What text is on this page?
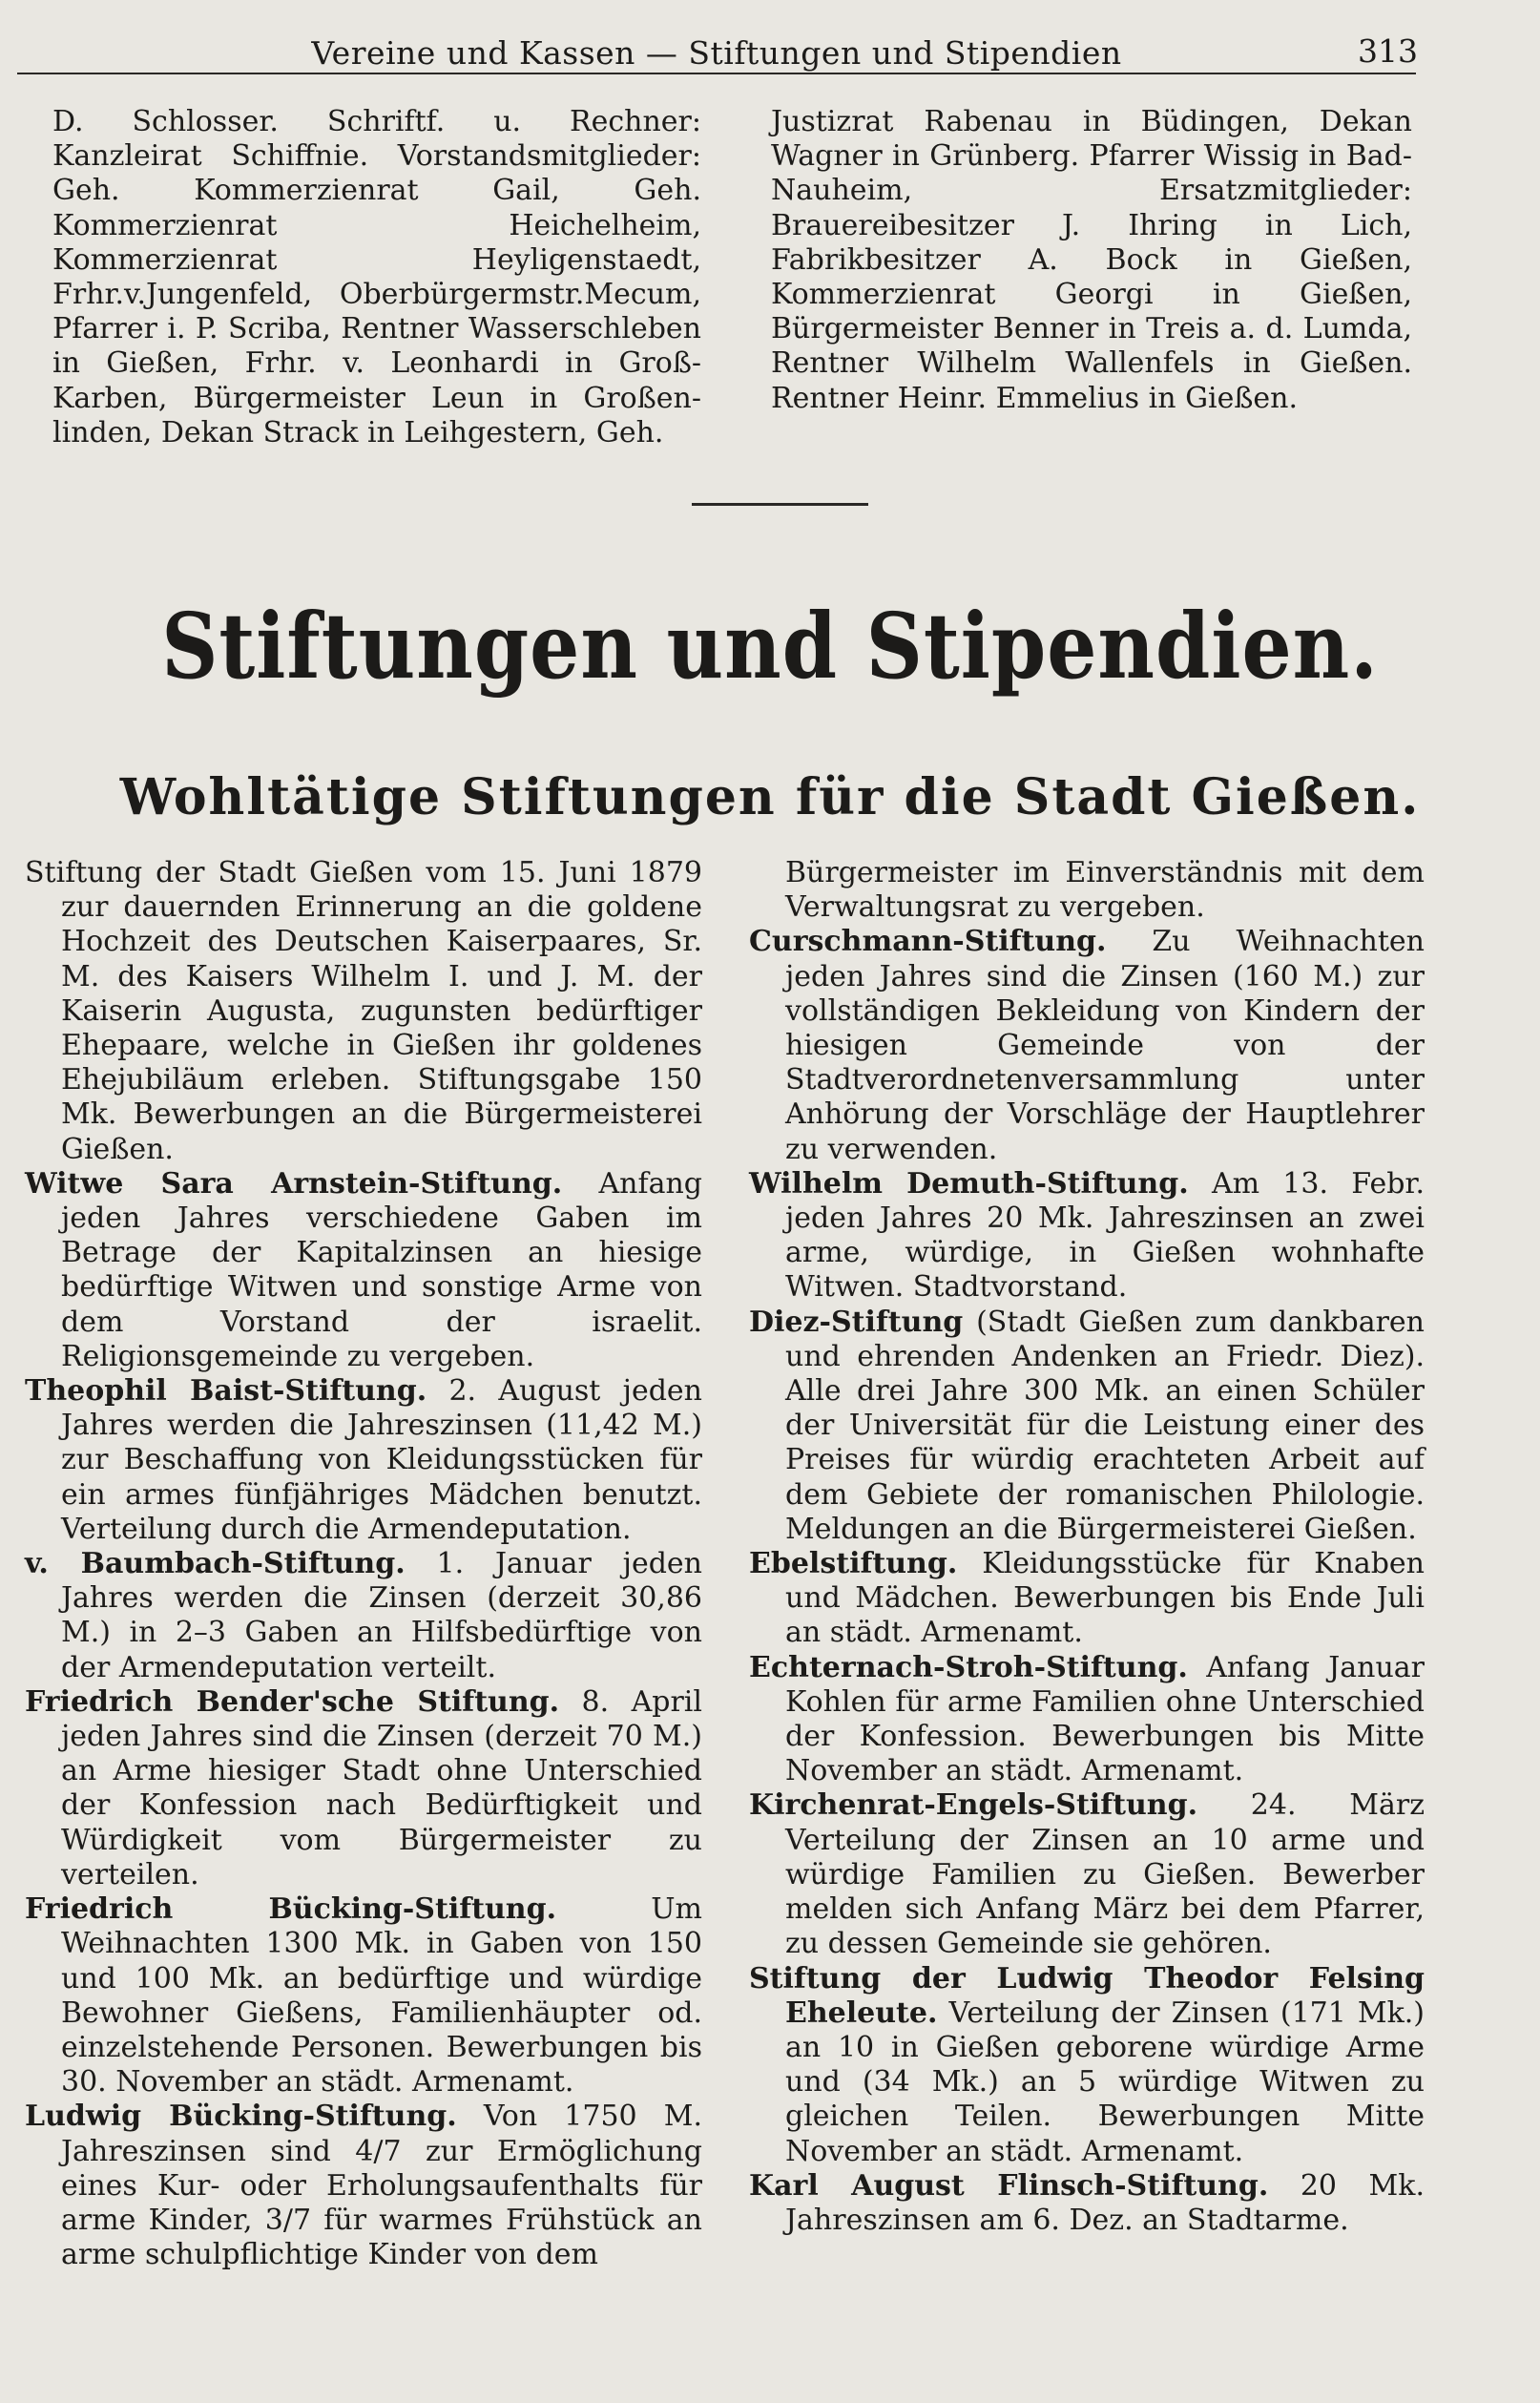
Vereine und Kassen — Stiftungen und Stipendien	313

D. Schlosser. Schriftf. u. Rechner: Kanzleirat Schiffnie. Vorstandsmitglieder: Geh. Kommerzienrat Gail, Geh. Kommerzienrat Heichelheim, Kommerzienrat Heyligenstaedt, Frhr.v.Jungenfeld, Oberbürgermstr.Mecum, Pfarrer i. P. Scriba, Rentner Wasserschleben in Gießen, Frhr. v. Leonhardi in Groß-Karben, Bürgermeister Leun in Großen-linden, Dekan Strack in Leihgestern, Geh.

Justizrat Rabenau in Büdingen, Dekan Wagner in Grünberg. Pfarrer Wissig in Bad-Nauheim, Ersatzmitglieder: Brauereibesitzer J. Ihring in Lich, Fabrikbesitzer A. Bock in Gießen, Kommerzienrat Georgi in Gießen, Bürgermeister Benner in Treis a. d. Lumda, Rentner Wilhelm Wallenfels in Gießen. Rentner Heinr. Emmelius in Gießen.

Stiftungen und Stipendien.
Wohltätige Stiftungen für die Stadt Gießen.

Stiftung der Stadt Gießen vom 15. Juni 1879 zur dauernden Erinnerung an die goldene Hochzeit des Deutschen Kaiserpaares, Sr. M. des Kaisers Wilhelm I. und J. M. der Kaiserin Augusta, zugunsten bedürftiger Ehepaare, welche in Gießen ihr goldenes Ehejubiläum erleben. Stiftungsgabe 150 Mk. Bewerbungen an die Bürgermeisterei Gießen.

Witwe Sara Arnstein-Stiftung. Anfang jeden Jahres verschiedene Gaben im Betrage der Kapitalzinsen an hiesige bedürftige Witwen und sonstige Arme von dem Vorstand der israelit. Religionsgemeinde zu vergeben.

Theophil Baist-Stiftung. 2. August jeden Jahres werden die Jahreszinsen (11,42 M.) zur Beschaffung von Kleidungsstücken für ein armes fünfjähriges Mädchen benutzt. Verteilung durch die Armendeputation.

v. Baumbach-Stiftung. 1. Januar jeden Jahres werden die Zinsen (derzeit 30,86 M.) in 2–3 Gaben an Hilfsbedürftige von der Armendeputation verteilt.

Friedrich Bender'sche Stiftung. 8. April jeden Jahres sind die Zinsen (derzeit 70 M.) an Arme hiesiger Stadt ohne Unterschied der Konfession nach Bedürftigkeit und Würdigkeit vom Bürgermeister zu verteilen.

Friedrich Bücking-Stiftung.	Um Weihnachten 1300 Mk. in Gaben von 150 und 100 Mk. an bedürftige und würdige Bewohner Gießens, Familienhäupter od. einzelstehende Personen. Bewerbungen bis 30. November an städt. Armenamt.

Ludwig Bücking-Stiftung. Von 1750 M. Jahreszinsen sind 4/7 zur Ermöglichung eines Kur- oder Erholungsaufenthalts für arme Kinder, 3/7 für warmes Frühstück an arme schulpflichtige Kinder von dem

Bürgermeister im Einverständnis mit dem Verwaltungsrat zu vergeben.

Curschmann-Stiftung. Zu Weihnachten jeden Jahres sind die Zinsen (160 M.) zur vollständigen Bekleidung von Kindern der hiesigen Gemeinde von der Stadtverordnetenversammlung unter Anhörung der Vorschläge der Hauptlehrer zu verwenden.

Wilhelm Demuth-Stiftung. Am 13. Febr. jeden Jahres 20 Mk. Jahreszinsen an zwei arme, würdige, in Gießen wohnhafte Witwen. Stadtvorstand.

Diez-Stiftung (Stadt Gießen zum dankbaren und ehrenden Andenken an Friedr. Diez). Alle drei Jahre 300 Mk. an einen Schüler der Universität für die Leistung einer des Preises für würdig erachteten Arbeit auf dem Gebiete der romanischen Philologie. Meldungen an die Bürgermeisterei Gießen.

Ebelstiftung. Kleidungsstücke für Knaben und Mädchen. Bewerbungen bis Ende Juli an städt. Armenamt.

Echternach-Stroh-Stiftung. Anfang Januar Kohlen für arme Familien ohne Unterschied der Konfession. Bewerbungen bis Mitte November an städt. Armenamt.

Kirchenrat-Engels-Stiftung. 24. März Verteilung der Zinsen an 10 arme und würdige Familien zu Gießen. Bewerber melden sich Anfang März bei dem Pfarrer, zu dessen Gemeinde sie gehören.

Stiftung der Ludwig Theodor Felsing Eheleute. Verteilung der Zinsen (171 Mk.) an 10 in Gießen geborene würdige Arme und (34 Mk.) an 5 würdige Witwen zu gleichen Teilen. Bewerbungen Mitte November an städt. Armenamt.

Karl August Flinsch-Stiftung. 20 Mk. Jahreszinsen am 6. Dez. an Stadtarme.
